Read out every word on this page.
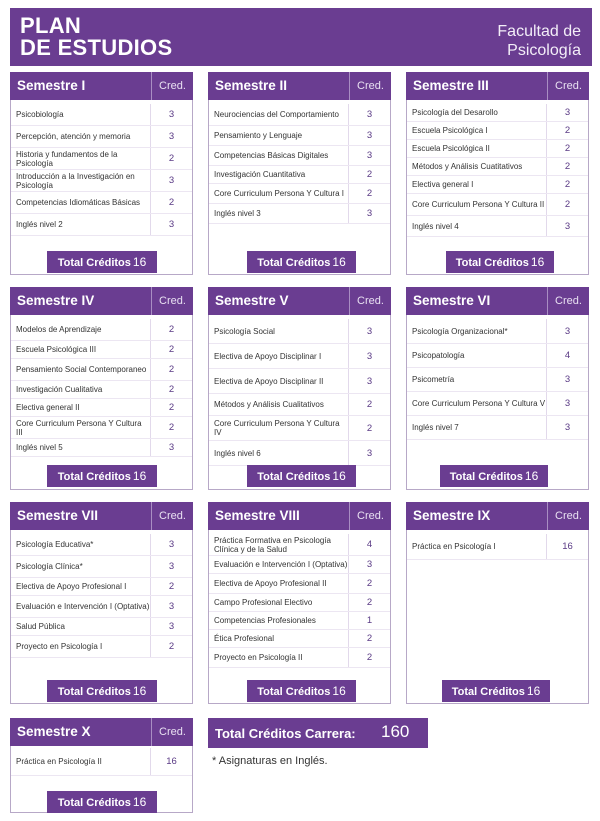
PLAN
DE ESTUDIOS
Facultad de
Psicología
Semestre I	Cred.
Psicobiología	3
Percepción, atención y memoria	3
Historia y fundamentos de la Psicología	2
Introducción a la Investigación en Psicología	3
Competencias Idiomáticas Básicas	2
Inglés nivel 2	3
Total Créditos 16
Semestre II	Cred.
Neurociencias del Comportamiento	3
Pensamiento y Lenguaje	3
Competencias Básicas Digitales	3
Investigación Cuantitativa	2
Core Curriculum Persona Y Cultura I	2
Inglés nivel 3	3
Total Créditos 16
Semestre III	Cred.
Psicología del Desarollo	3
Escuela Psicológica I	2
Escuela Psicológica II	2
Métodos y Análisis Cuatitativos	2
Electiva general I	2
Core Curriculum Persona Y Cultura II	2
Inglés nivel 4	3
Total Créditos 16
Semestre IV	Cred.
Modelos de Aprendizaje	2
Escuela Psicológica III	2
Pensamiento Social Contemporaneo	2
Investigación Cualitativa	2
Electiva general II	2
Core Curriculum Persona Y Cultura III	2
Inglés nivel 5	3
Total Créditos 16
Semestre V	Cred.
Psicología Social	3
Electiva de Apoyo Disciplinar I	3
Electiva de Apoyo Disciplinar II	3
Métodos y Análisis Cualitativos	2
Core Curriculum Persona Y Cultura IV	2
Inglés nivel 6	3
Total Créditos 16
Semestre VI	Cred.
Psicología Organizacional*	3
Psicopatología	4
Psicometría	3
Core Curriculum Persona Y Cultura V	3
Inglés nivel 7	3
Total Créditos 16
Semestre VII	Cred.
Psicología Educativa*	3
Psicología Clínica*	3
Electiva de Apoyo Profesional I	2
Evaluación e Intervención I (Optativa)	3
Salud Pública	3
Proyecto en Psicología I	2
Total Créditos 16
Semestre VIII	Cred.
Práctica Formativa en Psicología Clínica y de la Salud	4
Evaluación e Intervención I (Optativa)	3
Electiva de Apoyo Profesional II	2
Campo Profesional Electivo	2
Competencias Profesionales	1
Ética Profesional	2
Proyecto en Psicología II	2
Total Créditos 16
Semestre IX	Cred.
Práctica en Psicología I	16
Total Créditos 16
Semestre X	Cred.
Práctica en Psicología II	16
Total Créditos 16
Total Créditos Carrera: 160
* Asignaturas en Inglés.
